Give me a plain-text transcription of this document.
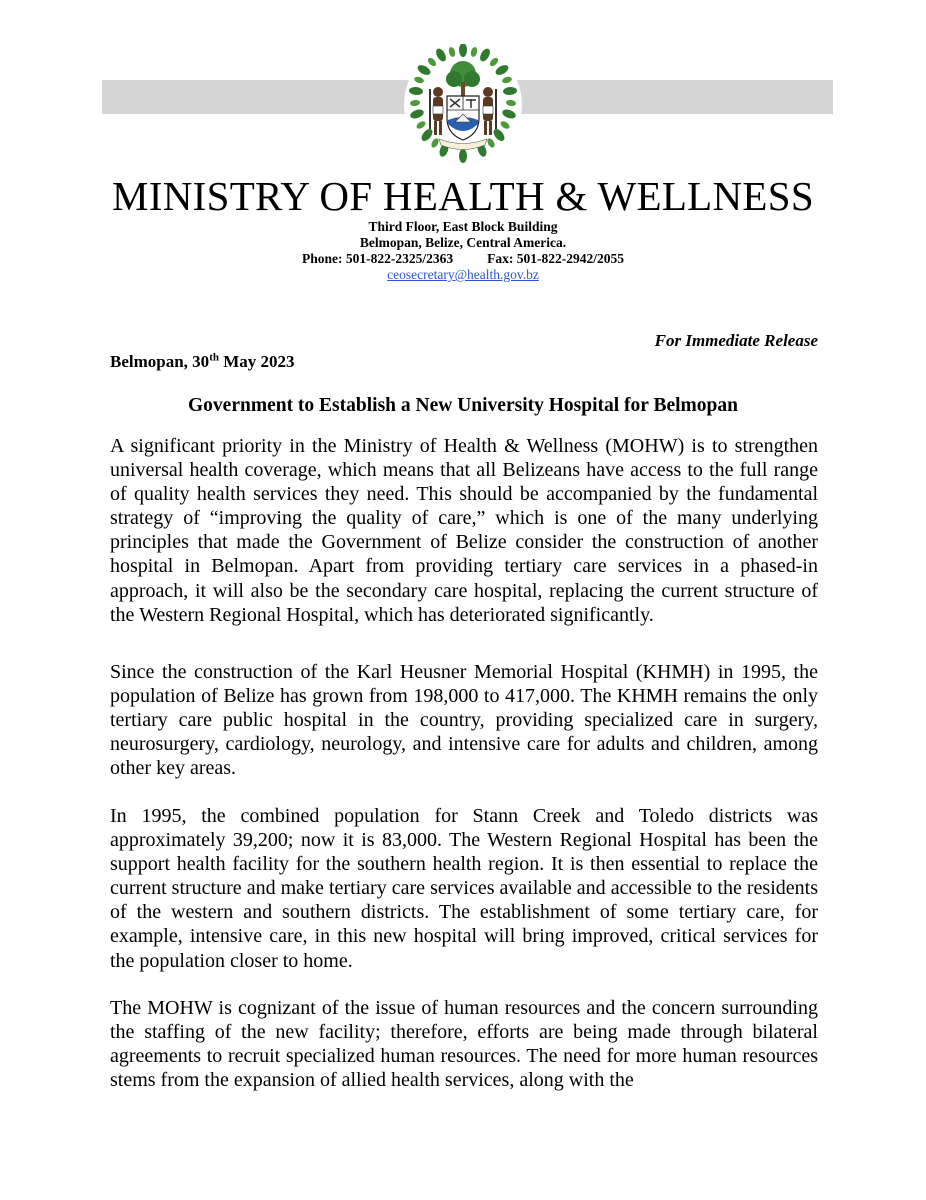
MINISTRY OF HEALTH & WELLNESS
Third Floor, East Block Building
Belmopan, Belize, Central America.
Phone: 501-822-2325/2363	Fax: 501-822-2942/2055
ceosecretary@health.gov.bz
For Immediate Release
Belmopan, 30th May 2023
Government to Establish a New University Hospital for Belmopan

A significant priority in the Ministry of Health & Wellness (MOHW) is to strengthen universal health coverage, which means that all Belizeans have access to the full range of quality health services they need. This should be accompanied by the fundamental strategy of “improving the quality of care,” which is one of the many underlying principles that made the Government of Belize consider the construction of another hospital in Belmopan. Apart from providing tertiary care services in a phased-in approach, it will also be the secondary care hospital, replacing the current structure of the Western Regional Hospital, which has deteriorated significantly.

Since the construction of the Karl Heusner Memorial Hospital (KHMH) in 1995, the population of Belize has grown from 198,000 to 417,000. The KHMH remains the only tertiary care public hospital in the country, providing specialized care in surgery, neurosurgery, cardiology, neurology, and intensive care for adults and children, among other key areas.

In 1995, the combined population for Stann Creek and Toledo districts was approximately 39,200; now it is 83,000. The Western Regional Hospital has been the support health facility for the southern health region. It is then essential to replace the current structure and make tertiary care services available and accessible to the residents of the western and southern districts. The establishment of some tertiary care, for example, intensive care, in this new hospital will bring improved, critical services for the population closer to home.

The MOHW is cognizant of the issue of human resources and the concern surrounding the staffing of the new facility; therefore, efforts are being made through bilateral agreements to recruit specialized human resources. The need for more human resources stems from the expansion of allied health services, along with the
